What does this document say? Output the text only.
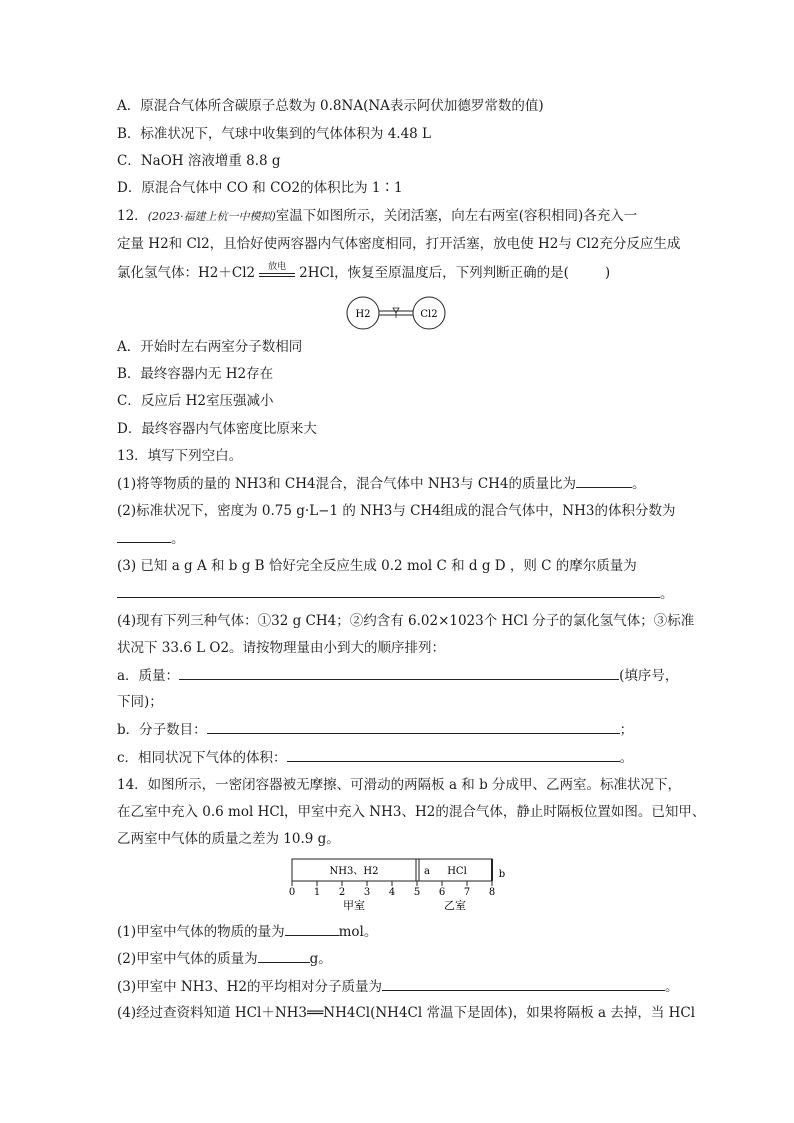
A．原混合气体所含碳原子总数为 0.8NA(NA表示阿伏加德罗常数的值)
B．标准状况下，气球中收集到的气体体积为 4.48 L
C．NaOH 溶液增重 8.8 g
D．原混合气体中 CO 和 CO2的体积比为 1∶1
12．(2023·福建上杭一中模拟)室温下如图所示，关闭活塞，向左右两室(容积相同)各充入一
定量 H2和 Cl2，且恰好使两容器内气体密度相同，打开活塞，放电使 H2与 Cl2充分反应生成
氯化氢气体：H2＋Cl2	放电 2HCl，恢复至原温度后，下列判断正确的是(	)
H2	Cl2
A．开始时左右两室分子数相同
B．最终容器内无 H2存在
C．反应后 H2室压强减小
D．最终容器内气体密度比原来大
13．填写下列空白。
(1)将等物质的量的 NH3和 CH4混合，混合气体中 NH3与 CH4的质量比为	。
(2)标准状况下，密度为 0.75 g·L−1 的 NH3与 CH4组成的混合气体中，NH3的体积分数为
。
(3) 已知 a g A 和 b g B 恰好完全反应生成 0.2 mol C 和 d g D ，则 C 的摩尔质量为
。
(4)现有下列三种气体：①32 g CH4；②约含有 6.02×1023个 HCl 分子的氯化氢气体；③标准
状况下 33.6 L O2。请按物理量由小到大的顺序排列：
a．质量：	(填序号，
下同)；
b．分子数目：	；
c．相同状况下气体的体积：	。
14．如图所示，一密闭容器被无摩擦、可滑动的两隔板 a 和 b 分成甲、乙两室。标准状况下，
在乙室中充入 0.6 mol HCl，甲室中充入 NH3、H2的混合气体，静止时隔板位置如图。已知甲、
乙两室中气体的质量之差为 10.9 g。
NH3、H2	a HCl	b
0 1 2 3 4 5 6 7 8
甲室	乙室
(1)甲室中气体的物质的量为	mol。
(2)甲室中气体的质量为	g。
(3)甲室中 NH3、H2的平均相对分子质量为	。
(4)经过查资料知道 HCl＋NH3══NH4Cl(NH4Cl 常温下是固体)，如果将隔板 a 去掉，当 HCl
